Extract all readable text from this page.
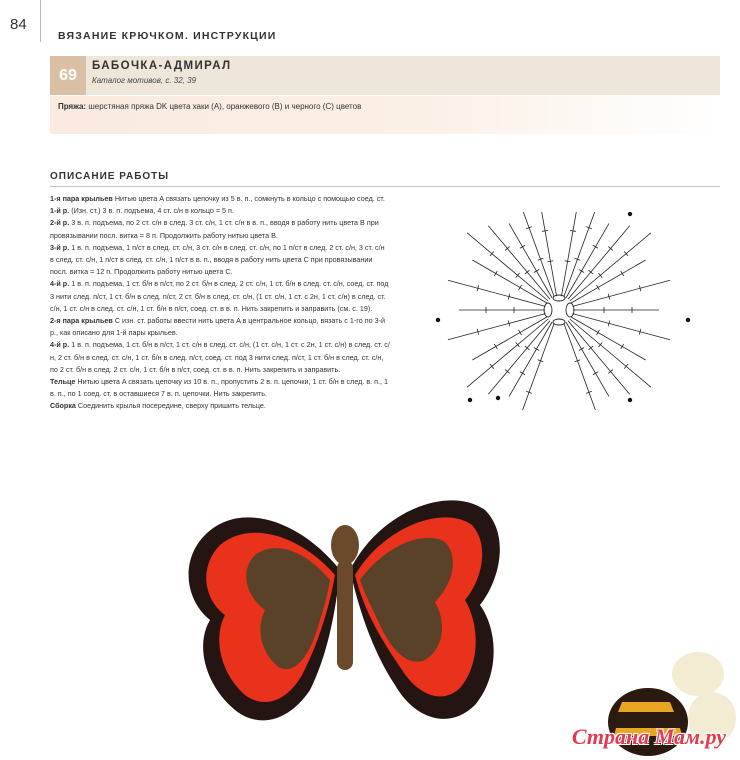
84
ВЯЗАНИЕ КРЮЧКОМ. ИНСТРУКЦИИ
69
БАБОЧКА-АДМИРАЛ
Каталог мотивов, с. 32, 39
Пряжа: шерстяная пряжа DK цвета хаки (A), оранжевого (B) и черного (C) цветов
ОПИСАНИЕ РАБОТЫ

1-я пара крыльев Нитью цвета A связать цепочку из 5 в. п., сомкнуть в кольцо с помощью соед. ст.

1-й р. (Изн. ст.) 3 в. п. подъема, 4 ст. с/н в кольцо = 5 п.

2-й р. 3 в. п. подъема, по 2 ст. с/н в след. 3 ст. с/н, 1 ст. с/н в в. п., вводя в работу нить цвета B при провязывании посл. витка = 8 п. Продолжить работу нитью цвета B.

3-й р. 1 в. п. подъема, 1 п/ст в след. ст. с/н, 3 ст. с/н в след. ст. с/н, по 1 п/ст в след. 2 ст. с/н, 3 ст. с/н в след. ст. с/н, 1 п/ст в след. ст. с/н, 1 п/ст в в. п., вводя в работу нить цвета C при провязывании посл. витка = 12 п. Продолжить работу нитью цвета C.

4-й р. 1 в. п. подъема, 1 ст. б/н в п/ст, по 2 ст. б/н в след. 2 ст. с/н, 1 ст. б/н в след. ст. с/н, соед. ст. под 3 нити след. п/ст, 1 ст. б/н в след. п/ст, 2 ст. б/н в след. ст. с/н, (1 ст. с/н, 1 ст. с 2н, 1 ст. с/н) в след. ст. с/н, 1 ст. с/н в след. ст. с/н, 1 ст. б/н в п/ст, соед. ст. в в. п. Нить закрепить и заправить (см. с. 19).

2-я пара крыльев С изн. ст. работы ввести нить цвета A в центральное кольцо, вязать с 1-го по 3-й р., как описано для 1-й пары крыльев.

4-й р. 1 в. п. подъема, 1 ст. б/н в п/ст, 1 ст. с/н в след. ст. с/н, (1 ст. с/н, 1 ст. с 2н, 1 ст. с/н) в след. ст. с/н, 2 ст. б/н в след. ст. с/н, 1 ст. б/н в след. п/ст, соед. ст. под 3 нити след. п/ст, 1 ст. б/н в след. ст. с/н, по 2 ст. б/н в след. 2 ст. с/н, 1 ст. б/н в п/ст, соед. ст. в в. п. Нить закрепить и заправить.

Тельце Нитью цвета A связать цепочку из 10 в. п., пропустить 2 в. п. цепочки, 1 ст. б/н в след. в. п., 1 в. п., по 1 соед. ст. в оставшиеся 7 в. п. цепочки. Нить закрепить.

Сборка Соединить крылья посередине, сверху пришить тельце.

Страна Мам.ру
